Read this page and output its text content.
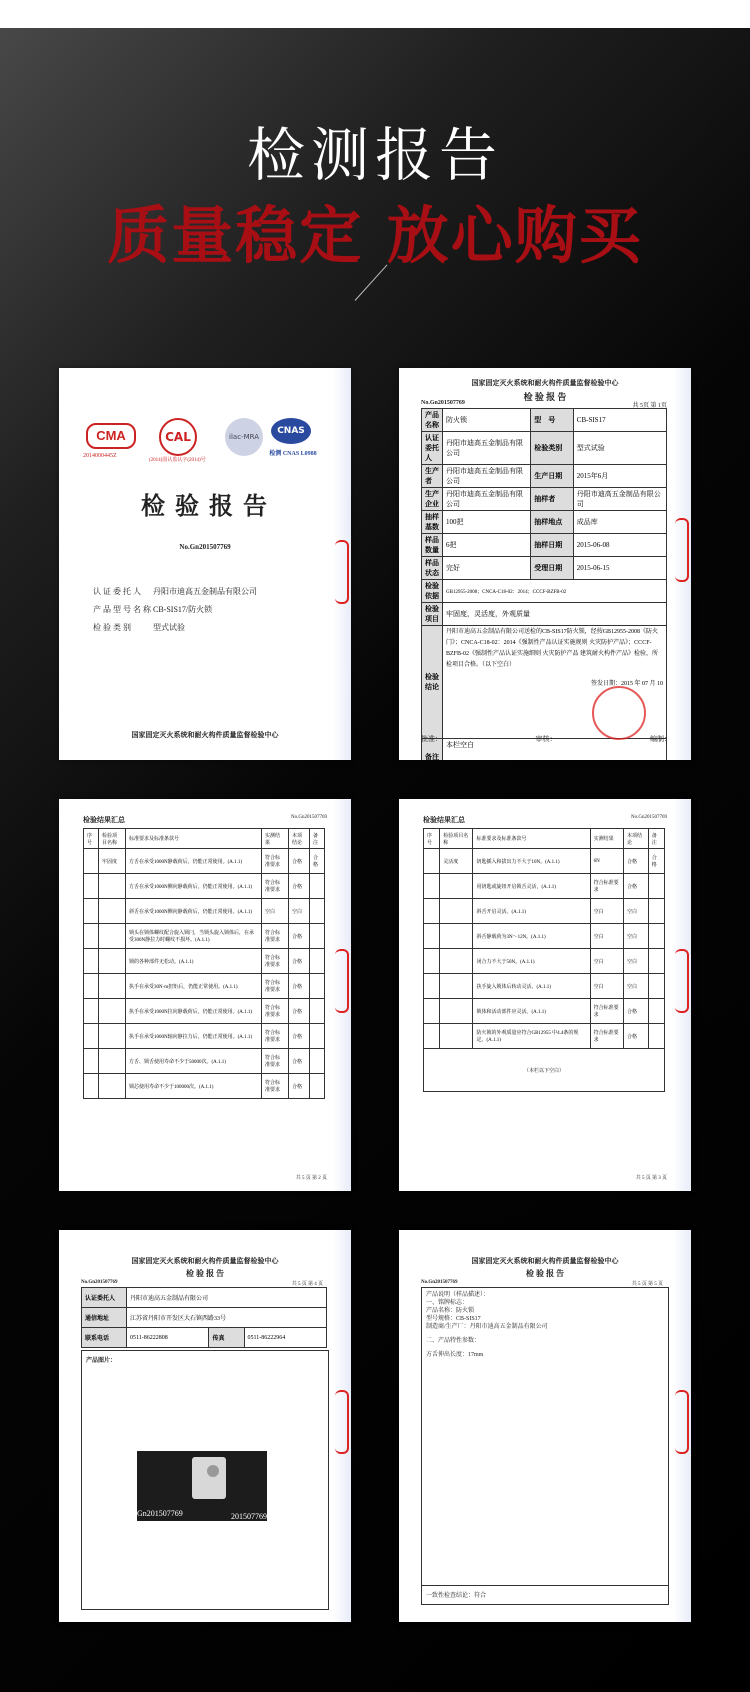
检测报告
质量稳定 放心购买
CMA
2014000445Z
CAL
(2014)国认监认字(2014)号
ilac-MRA
CNAS
检测 CNAS L0988
检 验 报 告
No.Gn201507769
认 证 委 托 人 丹阳市迪高五金制品有限公司
产 品 型 号 名 称 CB-SIS17/防火锁
检 验 类 别	型式试验
国家固定灭火系统和耐火构件质量监督检验中心
国家固定灭火系统和耐火构件质量监督检验中心
检 验 报 告
No.Gn201507769	共 5页 第 1页
产品名称	防火锁	型　号	CB-SIS17
认证委托人	丹阳市迪高五金制品有限公司	检验类别	型式试验
生产者	丹阳市迪高五金制品有限公司	生产日期	2015年6月
生产企业	丹阳市迪高五金制品有限公司	抽样者	丹阳市迪高五金制品有限公司
抽样基数	100把	抽样地点	成品库
样品数量	6把	抽样日期	2015-06-08
样品状态	完好	受理日期	2015-06-15
检验依据	GB12955-2008；CNCA-C18-02：2014；CCCF-BZFB-02		
检验项目	牢固度，灵活度，外观质量		
检验结论	丹阳市迪高五金制品有限公司送检的CB-SIS17防火锁，经按GB12955-2008《防火门》；CNCA-C18-02：2014《强制性产品认证实施规则 火灾防护产品》；CCCF-BZFB-02《强制性产品认证实施细则 火灾防护产品 建筑耐火构件产品》检验，所检项目合格。（以下空白）
签发日期：2015 年 07 月 10		

备注	本栏空白		
批准：	审核：	编制：
检验结果汇总	No.Gn201507769
序号	检验项目名称	标准要求及标准条款号	实测结果	本项结论	备注
	牢固度	方舌在承受1000N静载荷后，仍能正常使用。(A.1.1)	符合标准要求	合格	合格
		方舌在承受1000N侧向静载荷后，仍能正常使用。(A.1.1)	符合标准要求	合格	
		斜舌在承受1000N侧向静载荷后，仍能正常使用。(A.1.1)	空白	空白	
		锁头在锁体螺纹配合旋入锁闩，当锁头旋入锁体后，在承受300N静拉力时螺纹不损坏。(A.1.1)	符合标准要求	合格	
		锁的各种部件无松动。(A.1.1)	符合标准要求	合格	
		执手在承受30N·m扭矩后，仍能正常使用。(A.1.1)	符合标准要求	合格	
		执手在承受1000N拉向静载荷后，仍能正常使用。(A.1.1)	符合标准要求	合格	
		执手在承受1000N轴向静拉力后，仍能正常使用。(A.1.1)	符合标准要求	合格	
		方舌、锁舌使用寿命不少于50000次。(A.1.1)	符合标准要求	合格	
		锁芯使用寿命不少于100000次。(A.1.1)	符合标准要求	合格	
共 5 页 第 2 页
检验结果汇总	No.Gn201507769
序号	检验项目名称	标准要求及标准条款号	实测结果	本项结论	备注
	灵活度	钥匙插入和拔出力不大于10N。(A.1.1)	6N	合格	合格
		用钥匙或旋钮开启锁舌灵活，(A.1.1)	符合标准要求	合格	
		斜舌开启灵活。(A.1.1)	空白	空白	
		斜舌静载荷为3N～12N。(A.1.1)	空白	空白	
		闭合力不大于50N。(A.1.1)	空白	空白	
		执手旋入锁体后转动灵活。(A.1.1)	空白	空白	
		锁体和活动部件应灵活。(A.1.1)	符合标准要求	合格	
		防火锁的外观质量应符合GB12955 中4.4条的规定。(A.1.1)	符合标准要求	合格	
（本栏以下空白）					
共 5 页 第 3 页
国家固定灭火系统和耐火构件质量监督检验中心
检 验 报 告
No.Gn201507769	共 5 页 第 4 页
认证委托人	丹阳市迪高五金制品有限公司		
通信地址	江苏省丹阳市开发区大石镇西路33号		
联系电话	0511-86222808	传真	0511-86222964
产品图片：
Gn201507769	201507769
国家固定灭火系统和耐火构件质量监督检验中心
检 验 报 告
No.Gn201507769	共 5 页 第 5 页
产品说明（样品描述）：
一、铭牌标志：
产品名称：防火锁
型号规格：CB-SIS17
制造商/生产厂：丹阳市迪高五金制品有限公司
二、产品特性参数：
方舌伸出长度：17mm
一致性检查结论：符合
